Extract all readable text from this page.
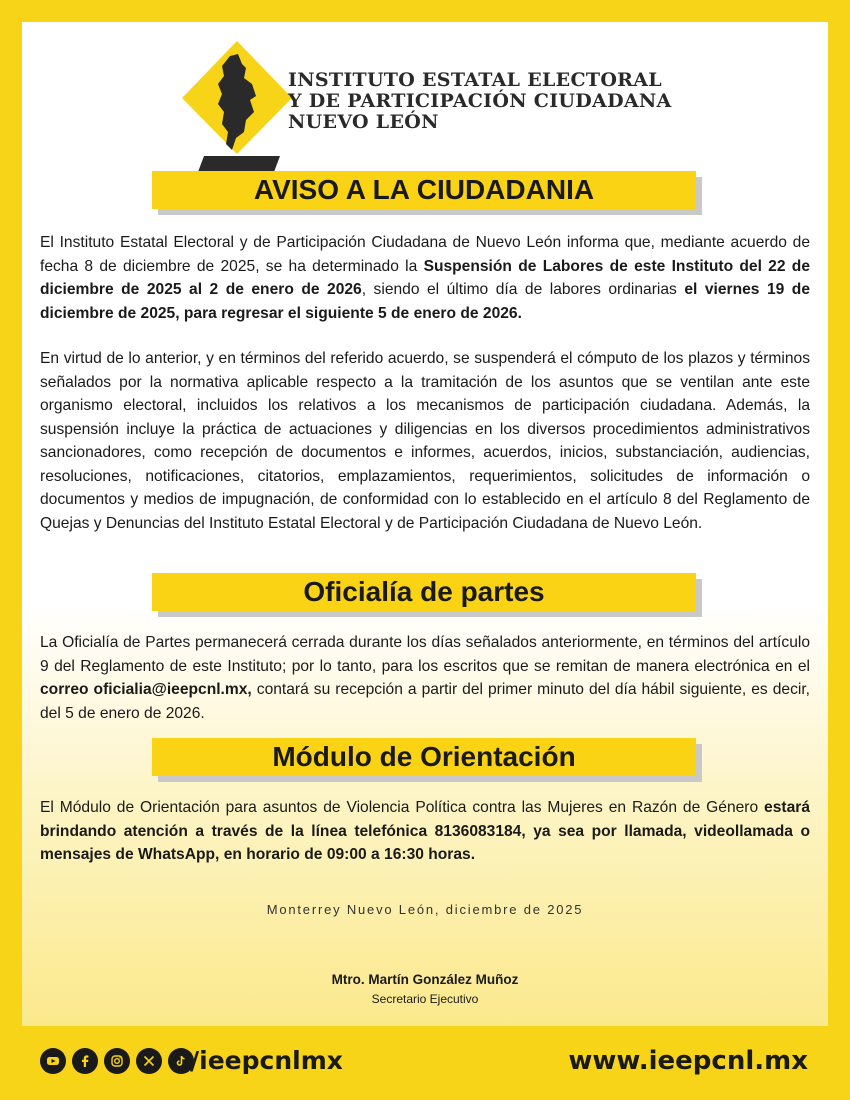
INSTITUTO ESTATAL ELECTORAL
Y DE PARTICIPACIÓN CIUDADANA
NUEVO LEÓN
AVISO A LA CIUDADANIA
El Instituto Estatal Electoral y de Participación Ciudadana de Nuevo León informa que, mediante acuerdo de fecha 8 de diciembre de 2025, se ha determinado la Suspensión de Labores de este Instituto del 22 de diciembre de 2025 al 2 de enero de 2026, siendo el último día de labores ordinarias el viernes 19 de diciembre de 2025, para regresar el siguiente 5 de enero de 2026.
En virtud de lo anterior, y en términos del referido acuerdo, se suspenderá el cómputo de los plazos y términos señalados por la normativa aplicable respecto a la tramitación de los asuntos que se ventilan ante este organismo electoral, incluidos los relativos a los mecanismos de participación ciudadana. Además, la suspensión incluye la práctica de actuaciones y diligencias en los diversos procedimientos administrativos sancionadores, como recepción de documentos e informes, acuerdos, inicios, substanciación, audiencias, resoluciones, notificaciones, citatorios, emplazamientos, requerimientos, solicitudes de información o documentos y medios de impugnación, de conformidad con lo establecido en el artículo 8 del Reglamento de Quejas y Denuncias del Instituto Estatal Electoral y de Participación Ciudadana de Nuevo León.
Oficialía de partes
La Oficialía de Partes permanecerá cerrada durante los días señalados anteriormente, en términos del artículo 9 del Reglamento de este Instituto; por lo tanto, para los escritos que se remitan de manera electrónica en el correo oficialia@ieepcnl.mx, contará su recepción a partir del primer minuto del día hábil siguiente, es decir, del 5 de enero de 2026.
Módulo de Orientación
El Módulo de Orientación para asuntos de Violencia Política contra las Mujeres en Razón de Género estará brindando atención a través de la línea telefónica 8136083184, ya sea por llamada, videollamada o mensajes de WhatsApp, en horario de 09:00 a 16:30 horas.
Monterrey Nuevo León, diciembre de 2025
Mtro. Martín González Muñoz
Secretario Ejecutivo
/ieepcnlmx	www.ieepcnl.mx
